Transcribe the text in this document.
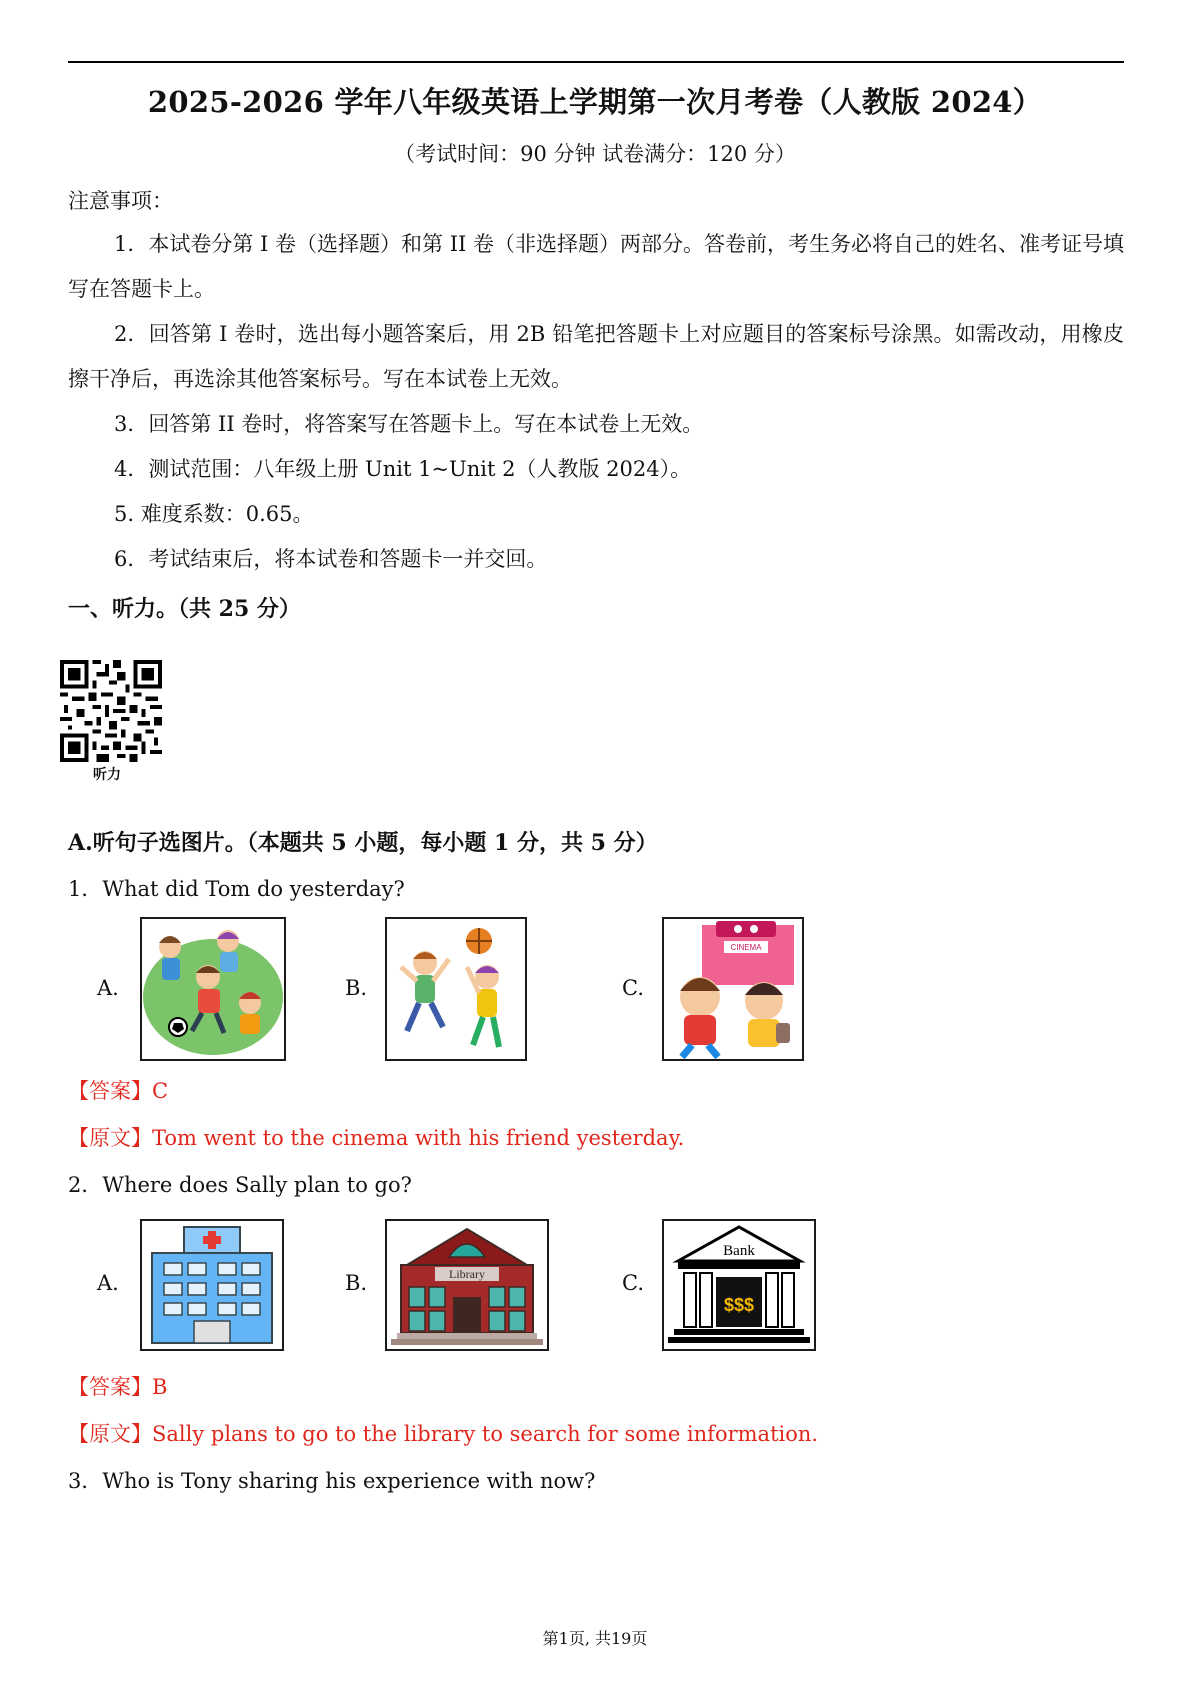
2025-2026 学年八年级英语上学期第一次月考卷（人教版 2024）
（考试时间：90 分钟 试卷满分：120 分）
注意事项：
1．本试卷分第 I 卷（选择题）和第 II 卷（非选择题）两部分。答卷前，考生务必将自己的姓名、准考证号填写在答题卡上。
2．回答第 I 卷时，选出每小题答案后，用 2B 铅笔把答题卡上对应题目的答案标号涂黑。如需改动，用橡皮擦干净后，再选涂其他答案标号。写在本试卷上无效。
3．回答第 II 卷时，将答案写在答题卡上。写在本试卷上无效。
4．测试范围：八年级上册 Unit 1~Unit 2（人教版 2024）。
5. 难度系数：0.65。
6．考试结束后，将本试卷和答题卡一并交回。
一、听力。（共 25 分）
听力
A.听句子选图片。（本题共 5 小题，每小题 1 分，共 5 分）
1．What did Tom do yesterday?
A.	B.	C.
CINEMA
【答案】C
【原文】Tom went to the cinema with his friend yesterday.
2．Where does Sally plan to go?
A.	B.	Library	C.
Bank
$$$
【答案】B
【原文】Sally plans to go to the library to search for some information.
3．Who is Tony sharing his experience with now?
第1页, 共19页
